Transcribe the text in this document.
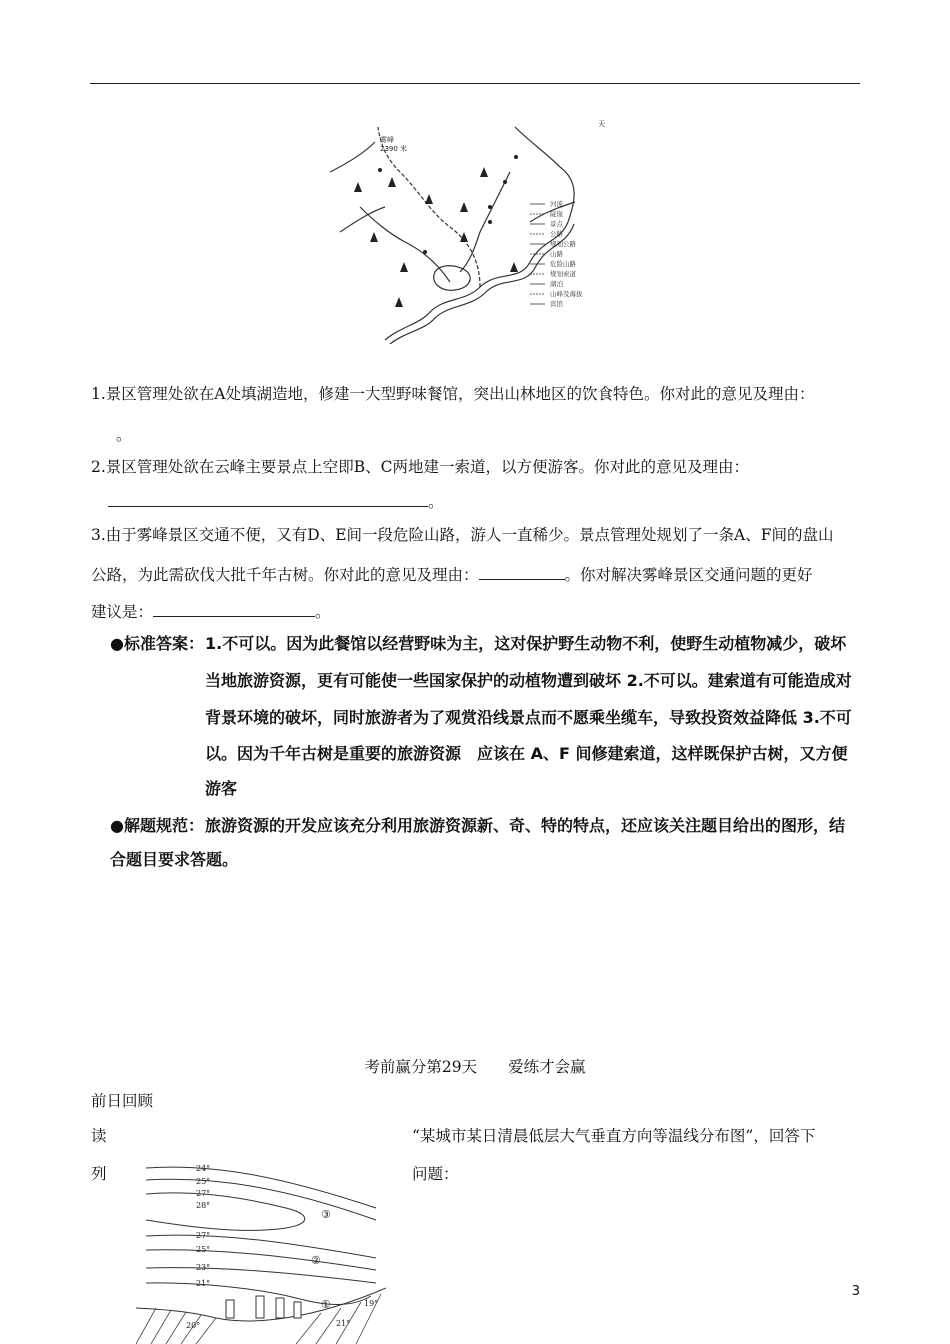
天
雾峰
2390 米
河流
陡崖
景点
公路
规划公路
山路
危险山路
规划索道
湖泊
山峰及海拔
宾馆
1.景区管理处欲在A处填湖造地，修建一大型野味餐馆，突出山林地区的饮食特色。你对此的意见及理由：
。
2.景区管理处欲在云峰主要景点上空即B、C两地建一索道，以方便游客。你对此的意见及理由：
。
3.由于雾峰景区交通不便，又有D、E间一段危险山路，游人一直稀少。景点管理处规划了一条A、F间的盘山
公路，为此需砍伐大批千年古树。你对此的意见及理由：	。你对解决雾峰景区交通问题的更好
建议是：	。
●标准答案： 1.不可以。因为此餐馆以经营野味为主，这对保护野生动物不利，使野生动植物减少，破坏
当地旅游资源，更有可能使一些国家保护的动植物遭到破坏 2.不可以。建索道有可能造成对
背景环境的破坏，同时旅游者为了观赏沿线景点而不愿乘坐缆车，导致投资效益降低 3.不可
以。因为千年古树是重要的旅游资源　应该在 A、F 间修建索道，这样既保护古树，又方便
游客
●解题规范： 旅游资源的开发应该充分利用旅游资源新、奇、特的特点，还应该关注题目给出的图形，结
合题目要求答题。
考前赢分第29天　　爱练才会赢
前日回顾
读
列
“某城市某日清晨低层大气垂直方向等温线分布图”，回答下
问题：
24°
25°
27°
28°
27°
25°
23°
21°
19°
20°	21°
③
②
①
3
